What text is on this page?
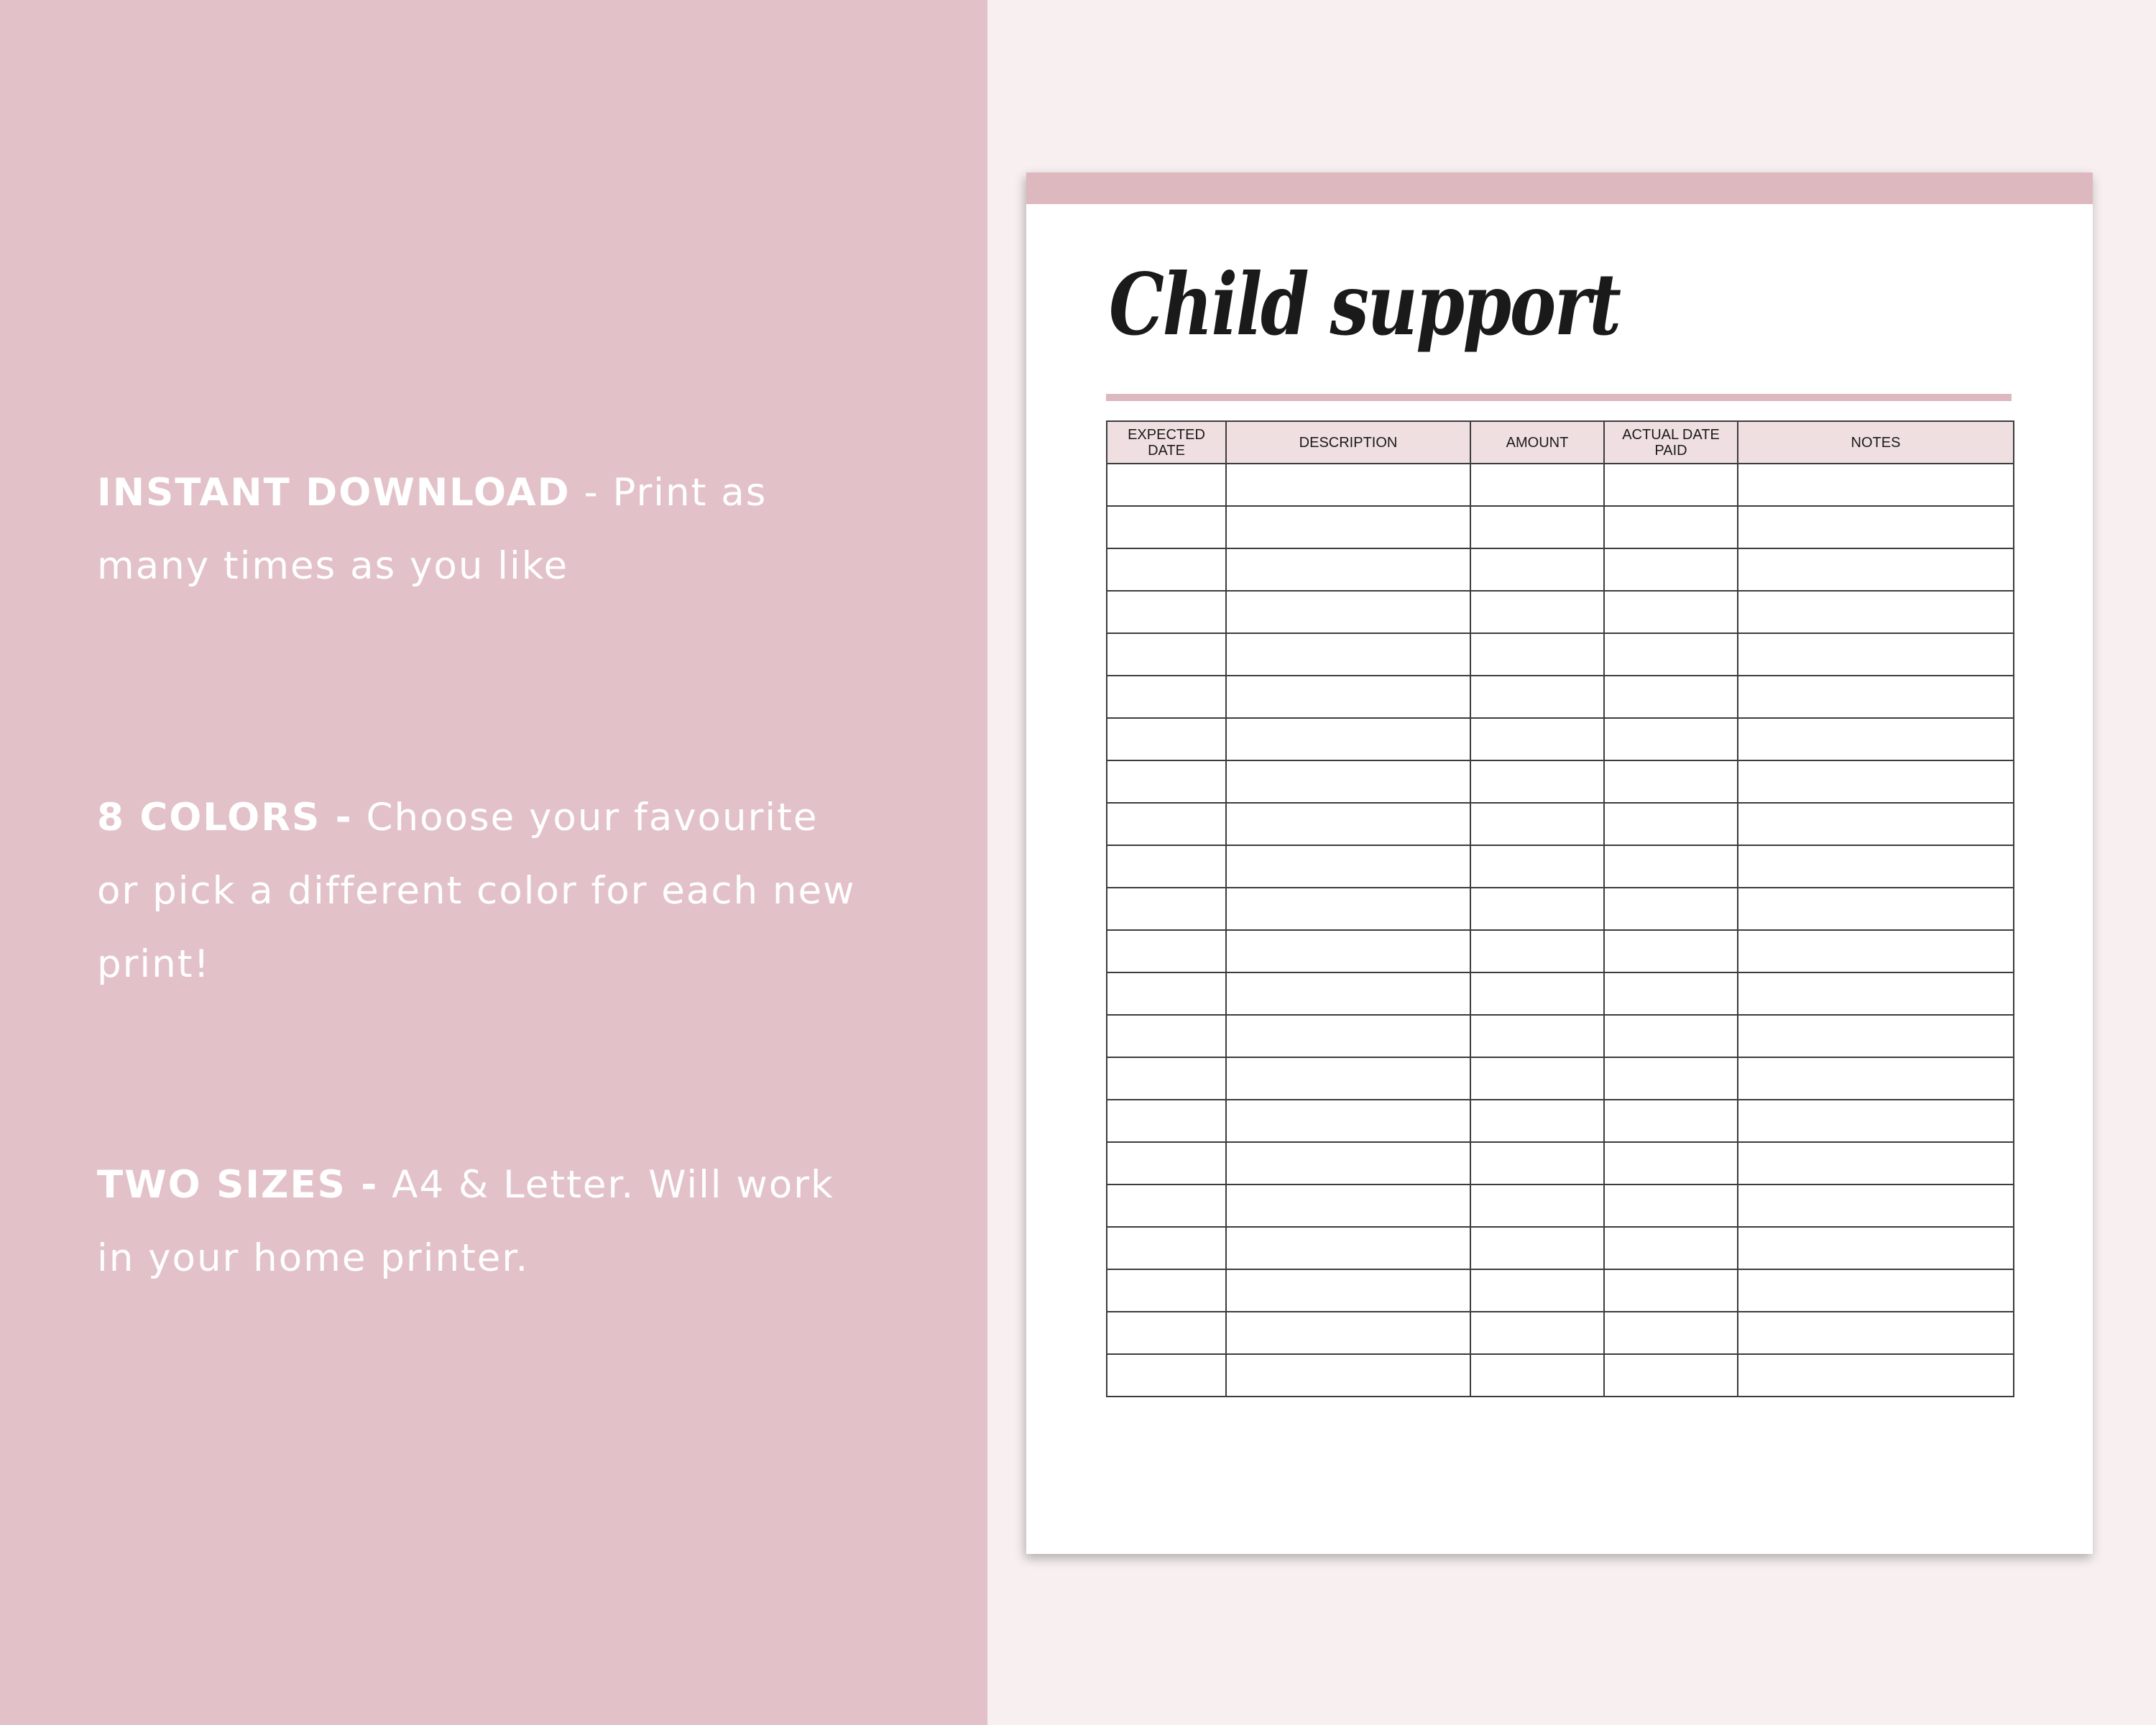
INSTANT DOWNLOAD - Print as many times as you like

8 COLORS - Choose your favourite or pick a different color for each new print!

TWO SIZES - A4 & Letter. Will work in your home printer.

Child support
EXPECTED DATE	DESCRIPTION	AMOUNT	ACTUAL DATE PAID	NOTES
